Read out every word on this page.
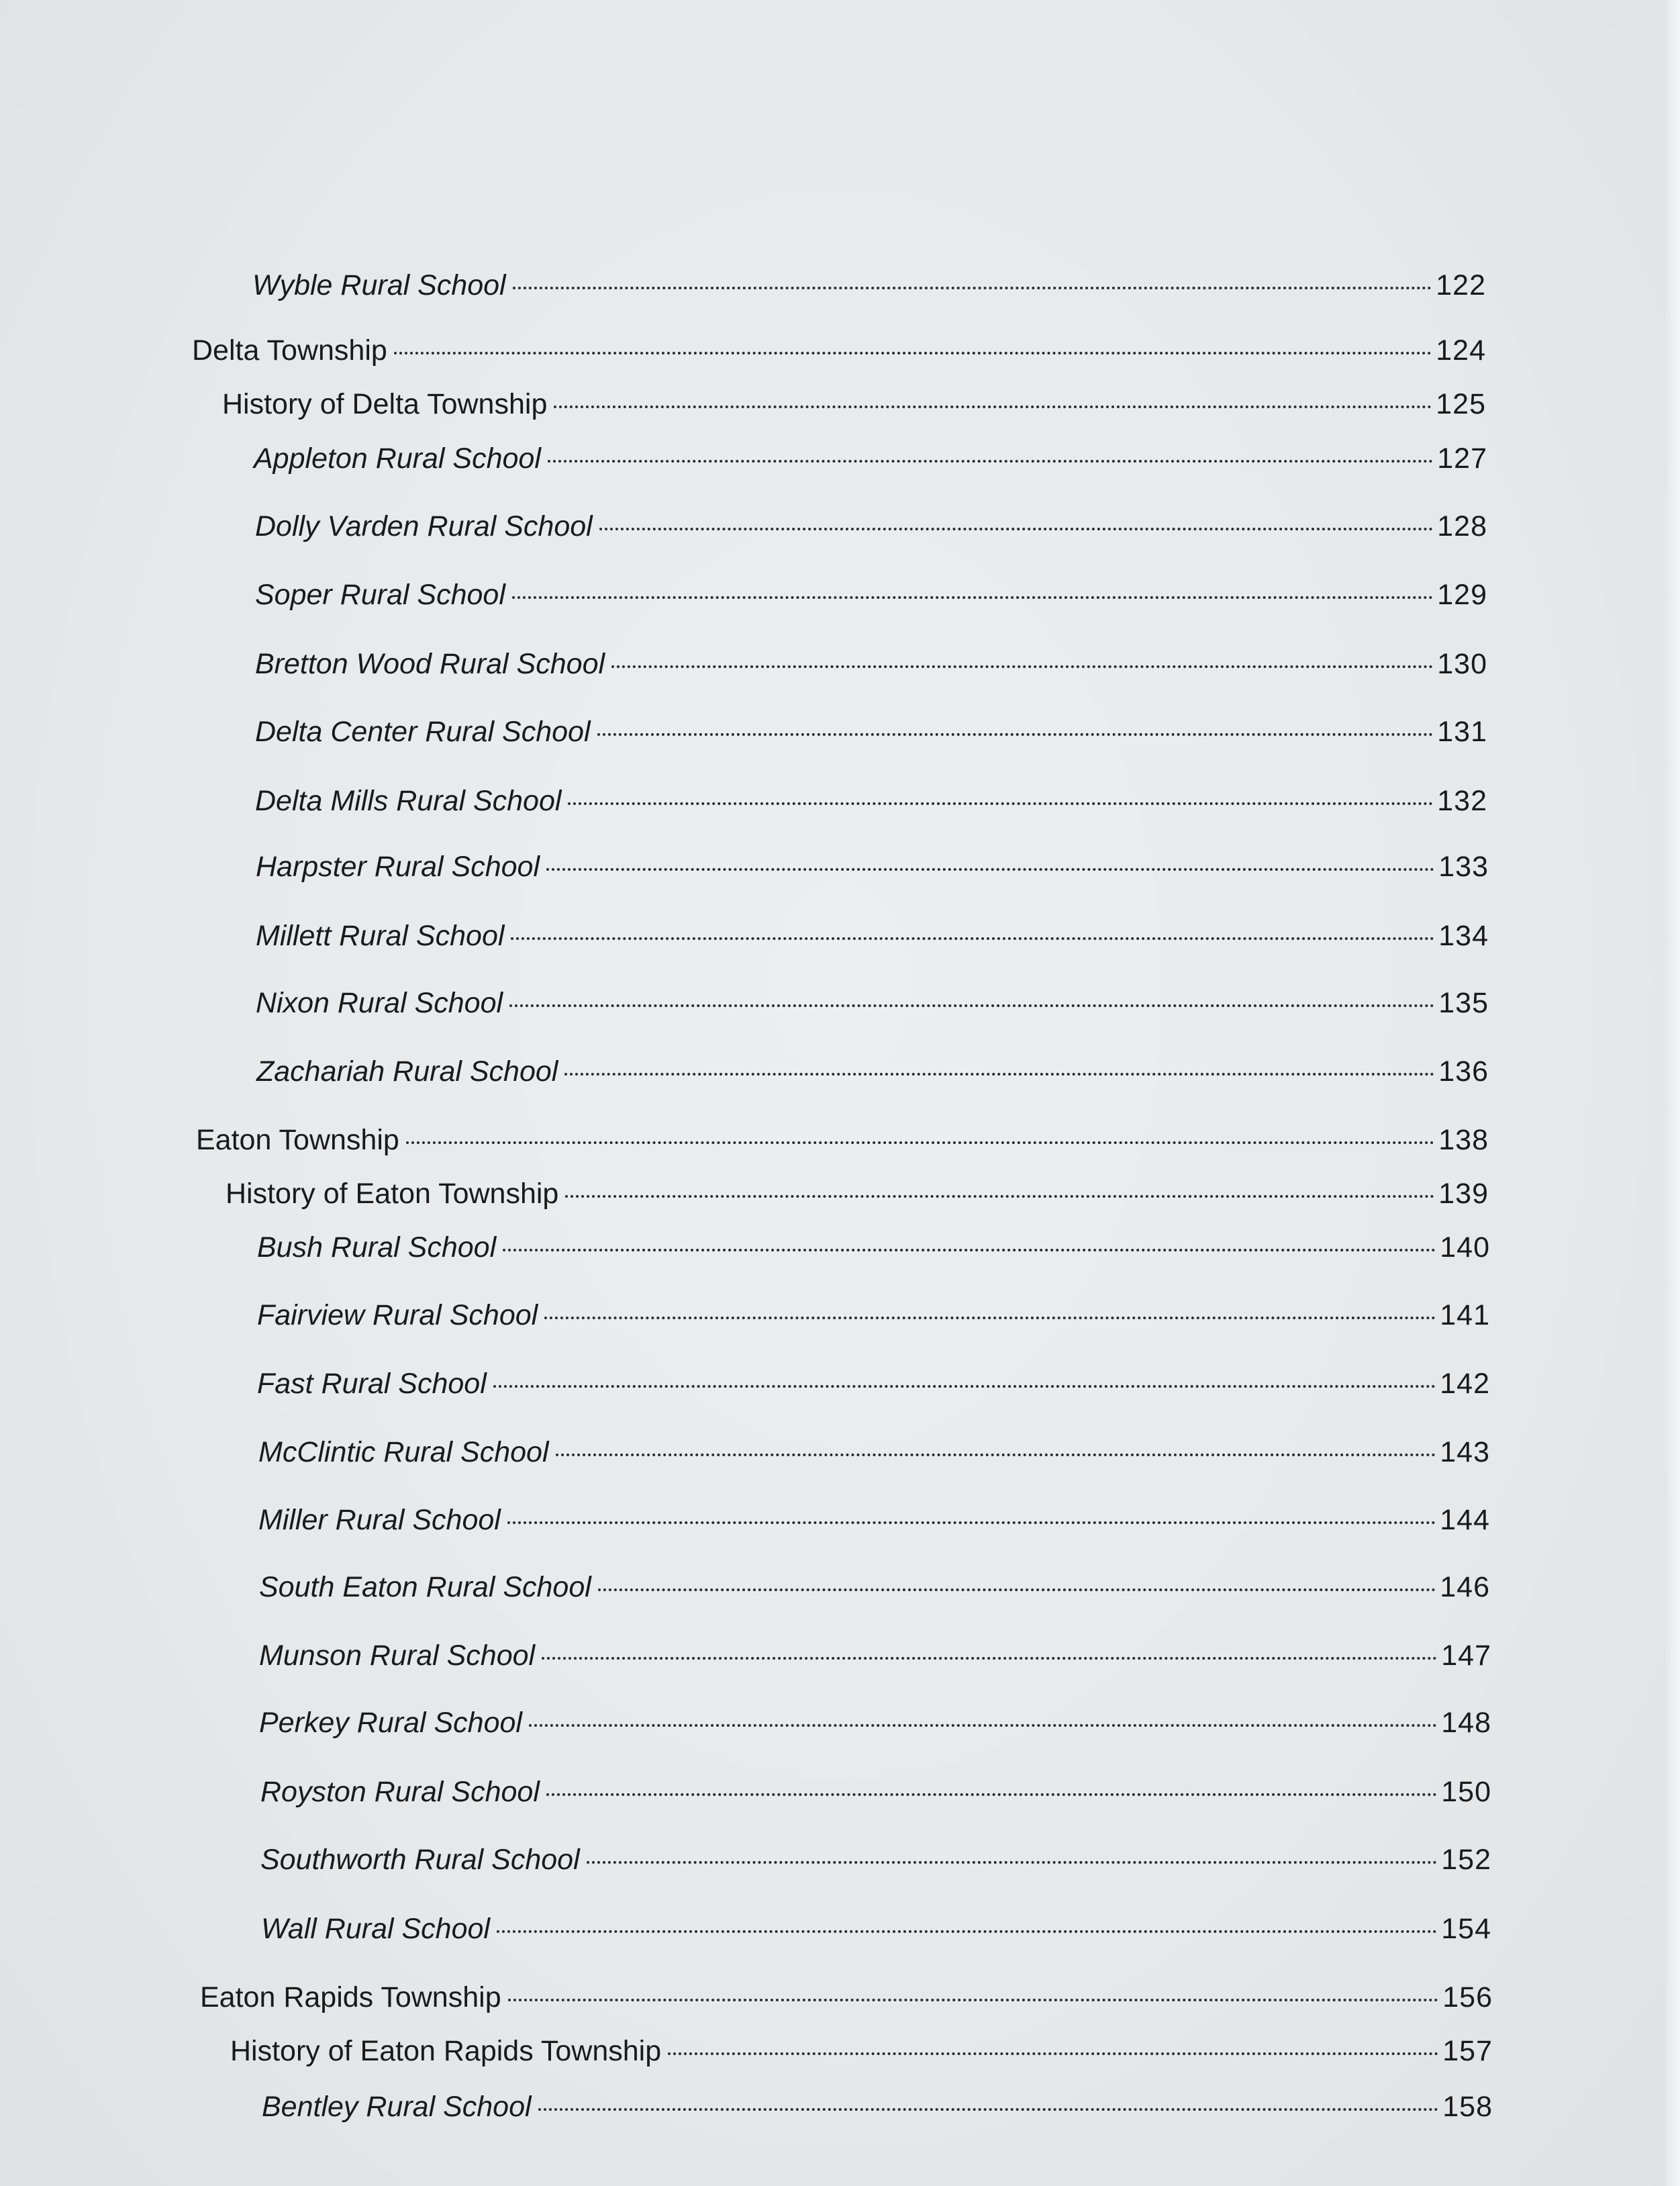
Wyble Rural School	122
Delta Township	124
History of Delta Township	125
Appleton Rural School	127
Dolly Varden Rural School	128
Soper Rural School	129
Bretton Wood Rural School	130
Delta Center Rural School	131
Delta Mills Rural School	132
Harpster Rural School	133
Millett Rural School	134
Nixon Rural School	135
Zachariah Rural School	136
Eaton Township	138
History of Eaton Township	139
Bush Rural School	140
Fairview Rural School	141
Fast Rural School	142
McClintic Rural School	143
Miller Rural School	144
South Eaton Rural School	146
Munson Rural School	147
Perkey Rural School	148
Royston Rural School	150
Southworth Rural School	152
Wall Rural School	154
Eaton Rapids Township	156
History of Eaton Rapids Township	157
Bentley Rural School	158
